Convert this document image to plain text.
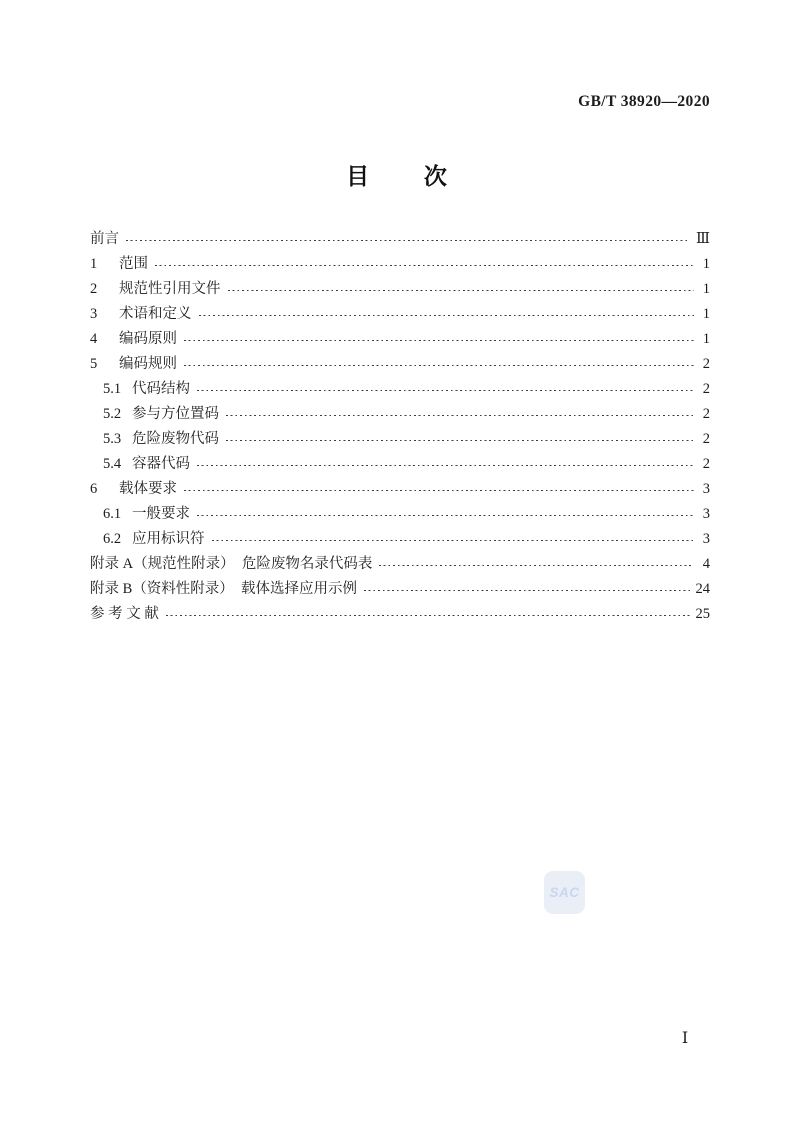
GB/T 38920—2020
目 次
前言	Ⅲ
1	范围	1
2	规范性引用文件	1
3	术语和定义	1
4	编码原则	1
5	编码规则	2
5.1 代码结构	2
5.2 参与方位置码	2
5.3 危险废物代码	2
5.4 容器代码	2
6	载体要求	3
6.1 一般要求	3
6.2 应用标识符	3
附录 A（规范性附录）　危险废物名录代码表	4
附录 B（资料性附录）　载体选择应用示例	24
参 考 文 献	25
SAC
Ⅰ
